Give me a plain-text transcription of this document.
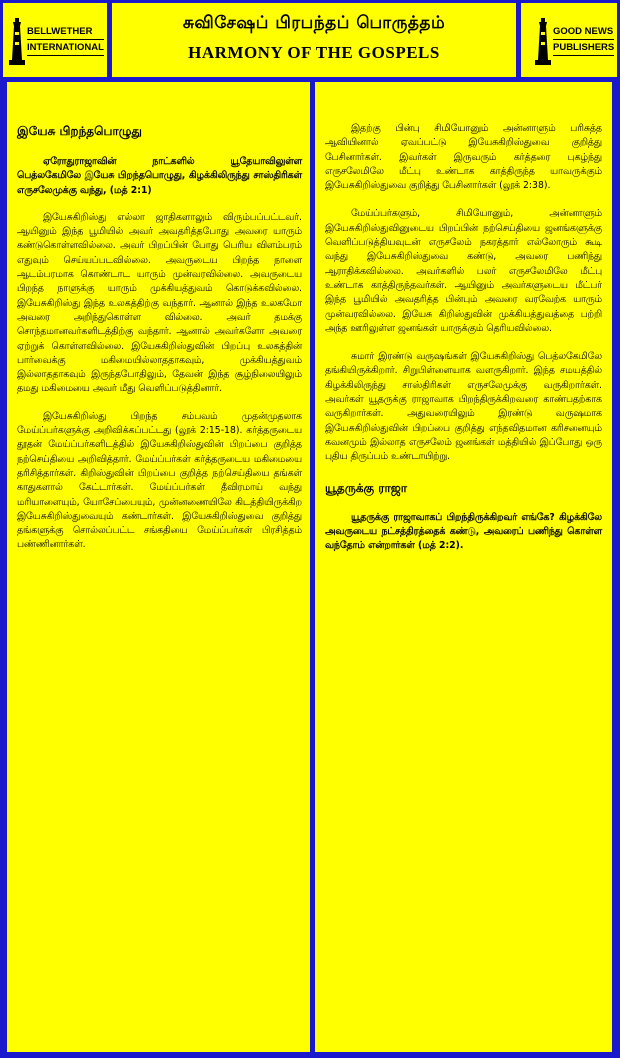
BELLWETHER
INTERNATIONAL
சுவிசேஷப் பிரபந்தப் பொருத்தம்
HARMONY OF THE GOSPELS
GOOD NEWS
PUBLISHERS
இயேசு பிறந்தபொழுது

ஏரோதுராஜாவின் நாட்களில் யூதேயாவிலுள்ள பெத்லகேமிலே இயேசு பிறந்தபொழுது, கிழக்கிலிருந்து சாஸ்திரிகள் எருசலேமுக்கு வந்து, (மத் 2:1)

இயேசுகிறிஸ்து எல்லா ஜாதிகளாலும் விரும்பப்பட்டவர். ஆயினும் இந்த பூமியில் அவர் அவதரித்தபோது அவரை யாரும் கண்டுகொள்ளவில்லை. அவர் பிறப்பின் போது பெரிய விளம்பரம் எதுவும் செய்யப்படவில்லை. அவருடைய பிறந்த நாளை ஆடம்பரமாக கொண்டாட யாரும் முன்வரவில்லை. அவருடைய பிறந்த நாளுக்கு யாரும் முக்கியத்துவம் கொடுக்கவில்லை. இயேசுகிறிஸ்து இந்த உலகத்திற்கு வந்தார். ஆனால் இந்த உலகமோ அவரை அறிந்துகொள்ள வில்லை. அவர் தமக்கு சொந்தமானவர்களிடத்திற்கு வந்தார். ஆனால் அவர்களோ அவரை ஏற்றுக் கொள்ளவில்லை. இயேசுகிறிஸ்துவின் பிறப்பு உலகத்தின் பார்வைக்கு மகிமையில்லாததாகவும், முக்கியத்துவம் இல்லாததாகவும் இருந்தபோதிலும், தேவன் இந்த சூழ்நிலையிலும் தமது மகிமையை அவர் மீது வெளிப்படுத்தினார்.

இயேசுகிறிஸ்து பிறந்த சம்பவம் முதன்முதலாக மேய்ப்பர்களுக்கு அறிவிக்கப்பட்டது (லூக் 2:15-18). கர்த்தருடைய தூதன் மேய்ப்பர்களிடத்தில் இயேசுகிறிஸ்துவின் பிறப்பை குறித்த நற்செய்தியை அறிவித்தார். மேய்ப்பர்கள் கர்த்தருடைய மகிமையை தரிசித்தார்கள். கிறிஸ்துவின் பிறப்பை குறித்த நற்செய்தியை தங்கள் காதுகளால் கேட்டார்கள். மேய்ப்பர்கள் தீவிரமாய் வந்து மரியாளையும், யோசேப்பையும், முன்னணையிலே கிடத்தியிருக்கிற இயேசுகிறிஸ்துவையும் கண்டார்கள். இயேசுகிறிஸ்துவை குறித்து தங்களுக்கு சொல்லப்பட்ட சங்கதியை மேய்ப்பர்கள் பிரசித்தம் பண்ணினார்கள்.

இதற்கு பின்பு சிமியோனும் அன்னாளும் பரிசுத்த ஆவியினால் ஏவப்பட்டு இயேசுகிறிஸ்துவை குறித்து பேசினார்கள். இவர்கள் இருவரும் கர்த்தரை புகழ்ந்து எருசலேமிலே மீட்பு உண்டாக காத்திருந்த யாவருக்கும் இயேசுகிறிஸ்துவை குறித்து பேசினார்கள் (லூக் 2:38).

மேய்ப்பர்களும், சிமியோனும், அன்னாளும் இயேசுகிறிஸ்துவினுடைய பிறப்பின் நற்செய்தியை ஜனங்களுக்கு வெளிப்படுத்தியவுடன் எருசலேம் நகரத்தார் எல்லோரும் கூடி வந்து இயேசுகிறிஸ்துவை கண்டு, அவரை பணிந்து ஆராதிக்கவில்லை. அவர்களில் பலர் எருசலேமிலே மீட்பு உண்டாக காத்திருந்தவர்கள். ஆயினும் அவர்களுடைய மீட்பர் இந்த பூமியில் அவதரித்த பின்பும் அவரை வரவேற்க யாரும் முன்வரவில்லை. இயேசு கிறிஸ்துவின் முக்கியத்துவத்தை பற்றி அந்த ஊரிலுள்ள ஜனங்கள் யாருக்கும் தெரியவில்லை.

சுமார் இரண்டு வருஷங்கள் இயேசுகிறிஸ்து பெத்லகேமிலே தங்கியிருக்கிறார். சிறுபிள்ளையாக வளருகிறார். இந்த சமயத்தில் கிழக்கிலிருந்து சாஸ்திரிகள் எருசலேமுக்கு வருகிறார்கள். அவர்கள் யூதருக்கு ராஜாவாக பிறந்திருக்கிறவரை காண்பதற்காக வருகிறார்கள். அதுவரையிலும் இரண்டு வருஷமாக இயேசுகிறிஸ்துவின் பிறப்பை குறித்து எந்தவிதமான கரிசனையும் கவனமும் இல்லாத எருசலேம் ஜனங்கள் மத்தியில் இப்போது ஒரு புதிய திருப்பம் உண்டாயிற்று.

யூதருக்கு ராஜா

யூதருக்கு ராஜாவாகப் பிறந்திருக்கிறவர் எங்கே? கிழக்கிலே அவருடைய நட்சத்திரத்தைக் கண்டு, அவரைப் பணிந்து கொள்ள வந்தோம் என்றார்கள் (மத் 2:2).
